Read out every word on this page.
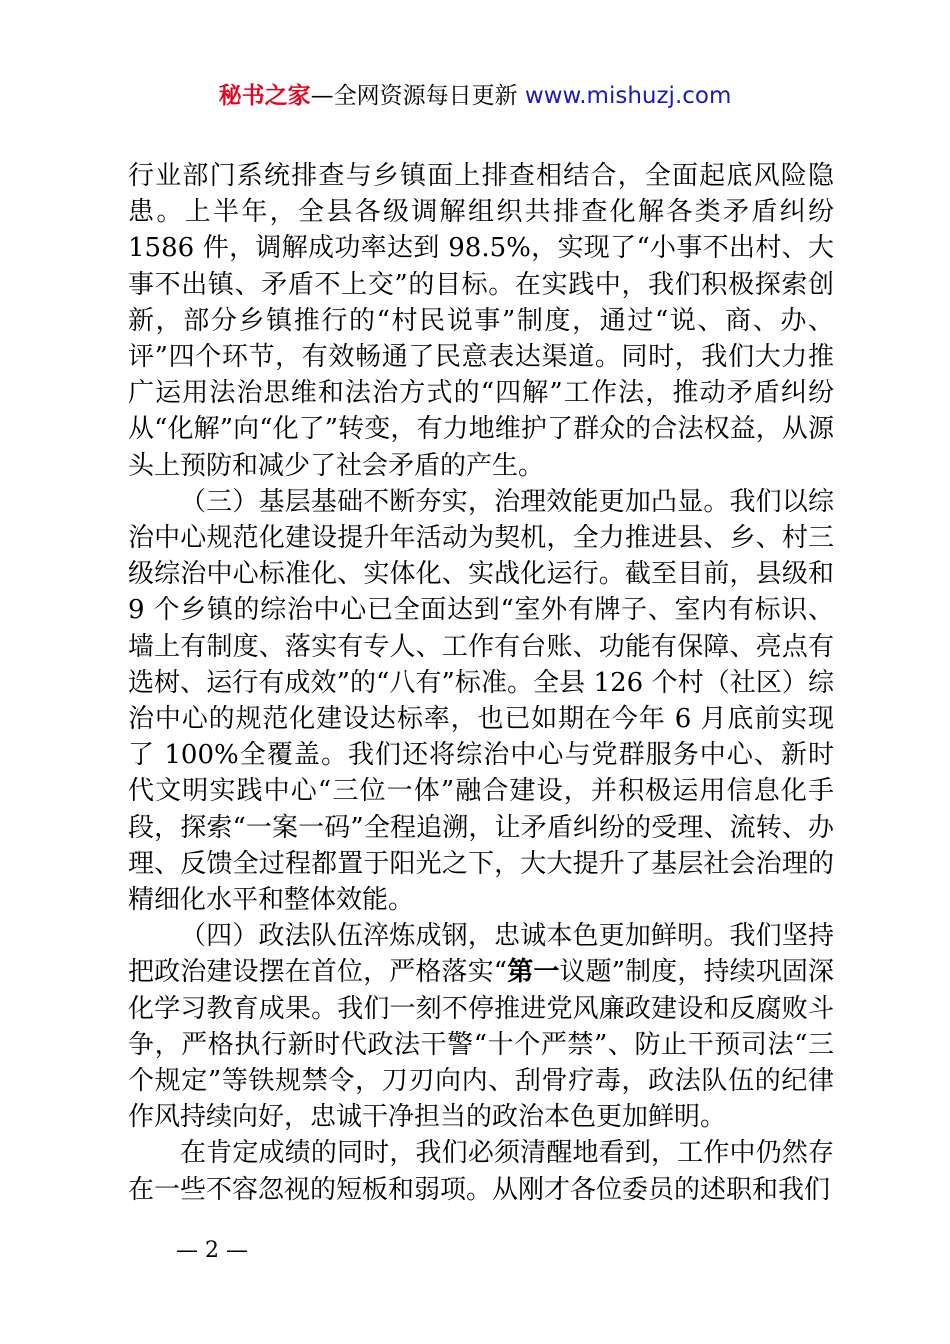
秘书之家—全网资源每日更新 www.mishuzj.com

行业部门系统排查与乡镇面上排查相结合，全面起底风险隐患。上半年，全县各级调解组织共排查化解各类矛盾纠纷 1586 件，调解成功率达到 98.5%，实现了“小事不出村、大事不出镇、矛盾不上交”的目标。在实践中，我们积极探索创新，部分乡镇推行的“村民说事”制度，通过“说、商、办、评”四个环节，有效畅通了民意表达渠道。同时，我们大力推广运用法治思维和法治方式的“四解”工作法，推动矛盾纠纷从“化解”向“化了”转变，有力地维护了群众的合法权益，从源头上预防和减少了社会矛盾的产生。

（三）基层基础不断夯实，治理效能更加凸显。我们以综治中心规范化建设提升年活动为契机，全力推进县、乡、村三级综治中心标准化、实体化、实战化运行。截至目前，县级和 9 个乡镇的综治中心已全面达到“室外有牌子、室内有标识、墙上有制度、落实有专人、工作有台账、功能有保障、亮点有选树、运行有成效”的“八有”标准。全县 126 个村（社区）综治中心的规范化建设达标率，也已如期在今年 6 月底前实现了 100%全覆盖。我们还将综治中心与党群服务中心、新时代文明实践中心“三位一体”融合建设，并积极运用信息化手段，探索“一案一码”全程追溯，让矛盾纠纷的受理、流转、办理、反馈全过程都置于阳光之下，大大提升了基层社会治理的精细化水平和整体效能。

（四）政法队伍淬炼成钢，忠诚本色更加鲜明。我们坚持把政治建设摆在首位，严格落实“第一议题”制度，持续巩固深化学习教育成果。我们一刻不停推进党风廉政建设和反腐败斗争，严格执行新时代政法干警“十个严禁”、防止干预司法“三个规定”等铁规禁令，刀刃向内、刮骨疗毒，政法队伍的纪律作风持续向好，忠诚干净担当的政治本色更加鲜明。

在肯定成绩的同时，我们必须清醒地看到，工作中仍然存在一些不容忽视的短板和弱项。从刚才各位委员的述职和我们

— 2 —
